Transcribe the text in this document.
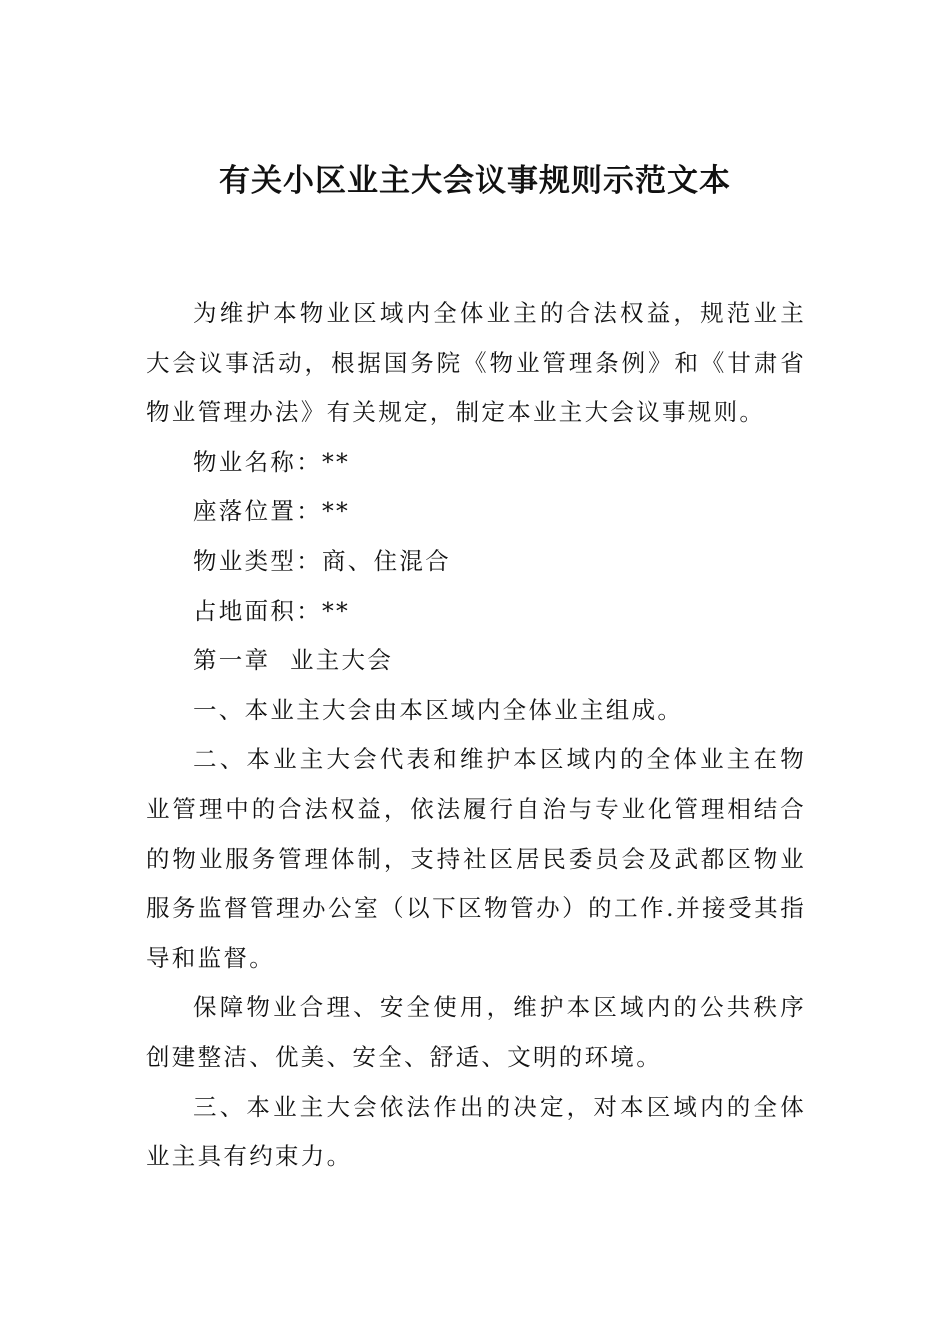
有关小区业主大会议事规则示范文本

为维护本物业区域内全体业主的合法权益，规范业主大会议事活动，根据国务院《物业管理条例》和《甘肃省物业管理办法》有关规定，制定本业主大会议事规则。

物业名称：**

座落位置：**

物业类型：商、住混合

占地面积：**

第一章  业主大会

一、本业主大会由本区域内全体业主组成。

二、本业主大会代表和维护本区域内的全体业主在物业管理中的合法权益，依法履行自治与专业化管理相结合的物业服务管理体制，支持社区居民委员会及武都区物业服务监督管理办公室（以下区物管办）的工作.并接受其指导和监督。

保障物业合理、安全使用，维护本区域内的公共秩序创建整洁、优美、安全、舒适、文明的环境。

三、本业主大会依法作出的决定，对本区域内的全体业主具有约束力。
